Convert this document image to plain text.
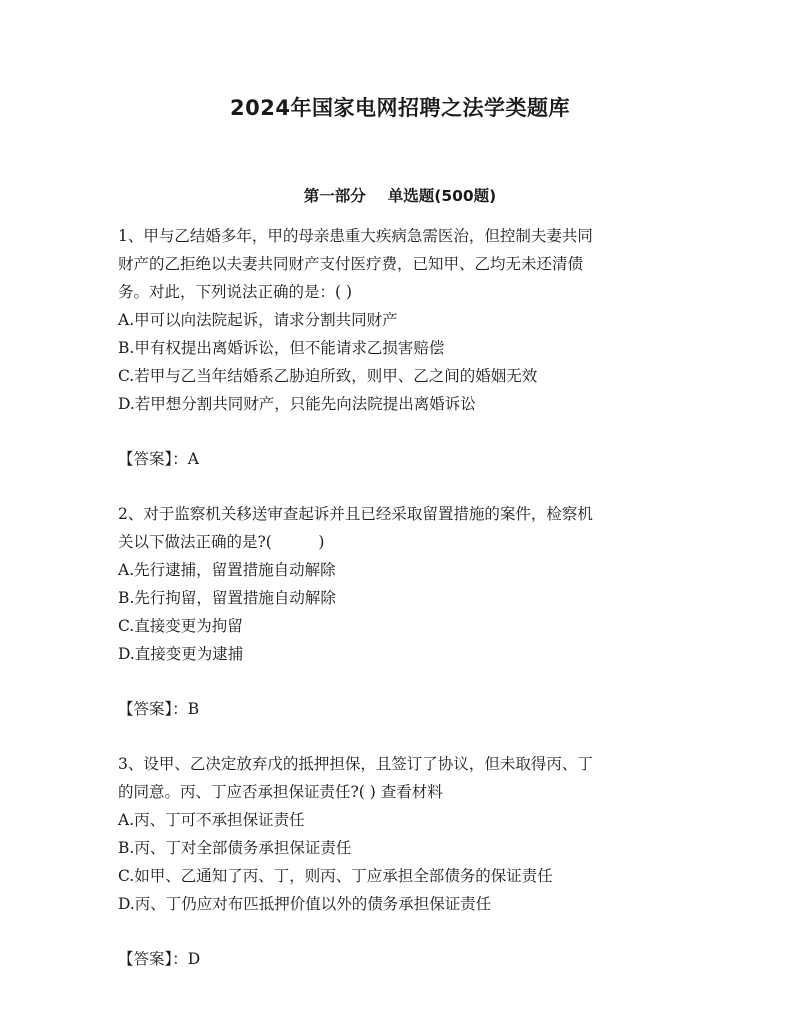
2024年国家电网招聘之法学类题库
第一部分 单选题(500题)

1、甲与乙结婚多年，甲的母亲患重大疾病急需医治，但控制夫妻共同

财产的乙拒绝以夫妻共同财产支付医疗费，已知甲、乙均无未还清债

务。对此，下列说法正确的是：( )

A.甲可以向法院起诉，请求分割共同财产

B.甲有权提出离婚诉讼，但不能请求乙损害赔偿

C.若甲与乙当年结婚系乙胁迫所致，则甲、乙之间的婚姻无效

D.若甲想分割共同财产，只能先向法院提出离婚诉讼

【答案】：A

2、对于监察机关移送审查起诉并且已经采取留置措施的案件，检察机

关以下做法正确的是?(　　　)

A.先行逮捕，留置措施自动解除

B.先行拘留，留置措施自动解除

C.直接变更为拘留

D.直接变更为逮捕

【答案】：B

3、设甲、乙决定放弃戊的抵押担保，且签订了协议，但未取得丙、丁

的同意。丙、丁应否承担保证责任?( ) 查看材料

A.丙、丁可不承担保证责任

B.丙、丁对全部债务承担保证责任

C.如甲、乙通知了丙、丁，则丙、丁应承担全部债务的保证责任

D.丙、丁仍应对布匹抵押价值以外的债务承担保证责任

【答案】：D
